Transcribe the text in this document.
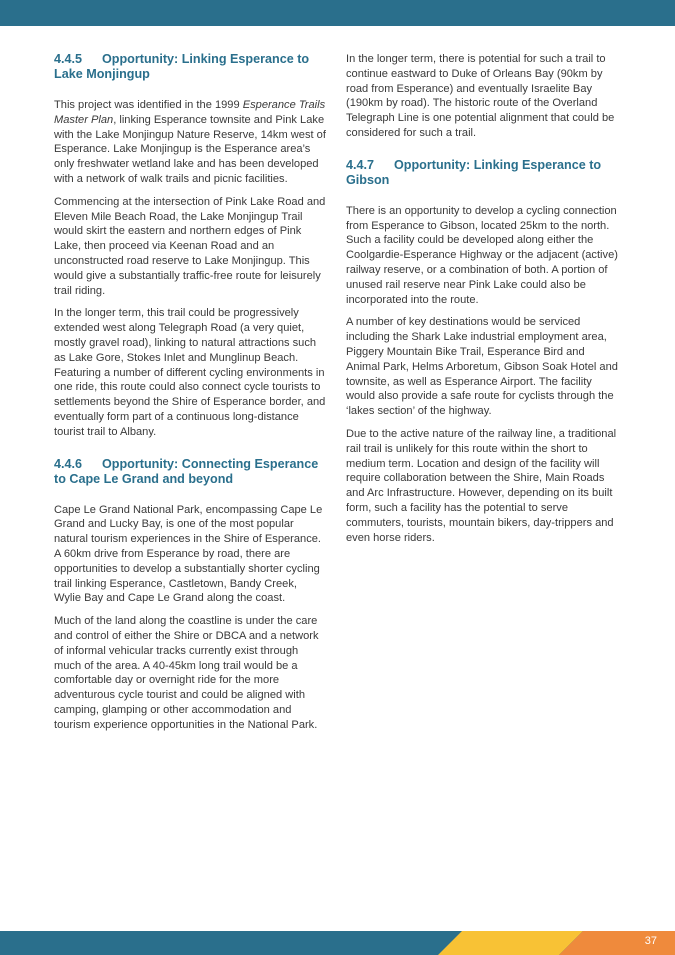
4.4.5 Opportunity: Linking Esperance to
Lake Monjingup

This project was identified in the 1999 Esperance Trails Master Plan, linking Esperance townsite and Pink Lake with the Lake Monjingup Nature Reserve, 14km west of Esperance. Lake Monjingup is the Esperance area’s only freshwater wetland lake and has been developed with a network of walk trails and picnic facilities.

Commencing at the intersection of Pink Lake Road and Eleven Mile Beach Road, the Lake Monjingup Trail would skirt the eastern and northern edges of Pink Lake, then proceed via Keenan Road and an unconstructed road reserve to Lake Monjingup. This would give a substantially traffic-free route for leisurely trail riding.

In the longer term, this trail could be progressively extended west along Telegraph Road (a very quiet, mostly gravel road), linking to natural attractions such as Lake Gore, Stokes Inlet and Munglinup Beach. Featuring a number of different cycling environments in one ride, this route could also connect cycle tourists to settlements beyond the Shire of Esperance border, and eventually form part of a continuous long-distance tourist trail to Albany.

4.4.6 Opportunity: Connecting Esperance
to Cape Le Grand and beyond

Cape Le Grand National Park, encompassing Cape Le Grand and Lucky Bay, is one of the most popular natural tourism experiences in the Shire of Esperance. A 60km drive from Esperance by road, there are opportunities to develop a substantially shorter cycling trail linking Esperance, Castletown, Bandy Creek, Wylie Bay and Cape Le Grand along the coast.

Much of the land along the coastline is under the care and control of either the Shire or DBCA and a network of informal vehicular tracks currently exist through much of the area. A 40-45km long trail would be a comfortable day or overnight ride for the more adventurous cycle tourist and could be aligned with camping, glamping or other accommodation and tourism experience opportunities in the National Park.

In the longer term, there is potential for such a trail to continue eastward to Duke of Orleans Bay (90km by road from Esperance) and eventually Israelite Bay (190km by road). The historic route of the Overland Telegraph Line is one potential alignment that could be considered for such a trail.

4.4.7 Opportunity: Linking Esperance to
Gibson

There is an opportunity to develop a cycling connection from Esperance to Gibson, located 25km to the north. Such a facility could be developed along either the Coolgardie-Esperance Highway or the adjacent (active) railway reserve, or a combination of both. A portion of unused rail reserve near Pink Lake could also be incorporated into the route.

A number of key destinations would be serviced including the Shark Lake industrial employment area, Piggery Mountain Bike Trail, Esperance Bird and Animal Park, Helms Arboretum, Gibson Soak Hotel and townsite, as well as Esperance Airport. The facility would also provide a safe route for cyclists through the ‘lakes section’ of the highway.

Due to the active nature of the railway line, a traditional rail trail is unlikely for this route within the short to medium term. Location and design of the facility will require collaboration between the Shire, Main Roads and Arc Infrastructure. However, depending on its built form, such a facility has the potential to serve commuters, tourists, mountain bikers, day-trippers and even horse riders.

37
